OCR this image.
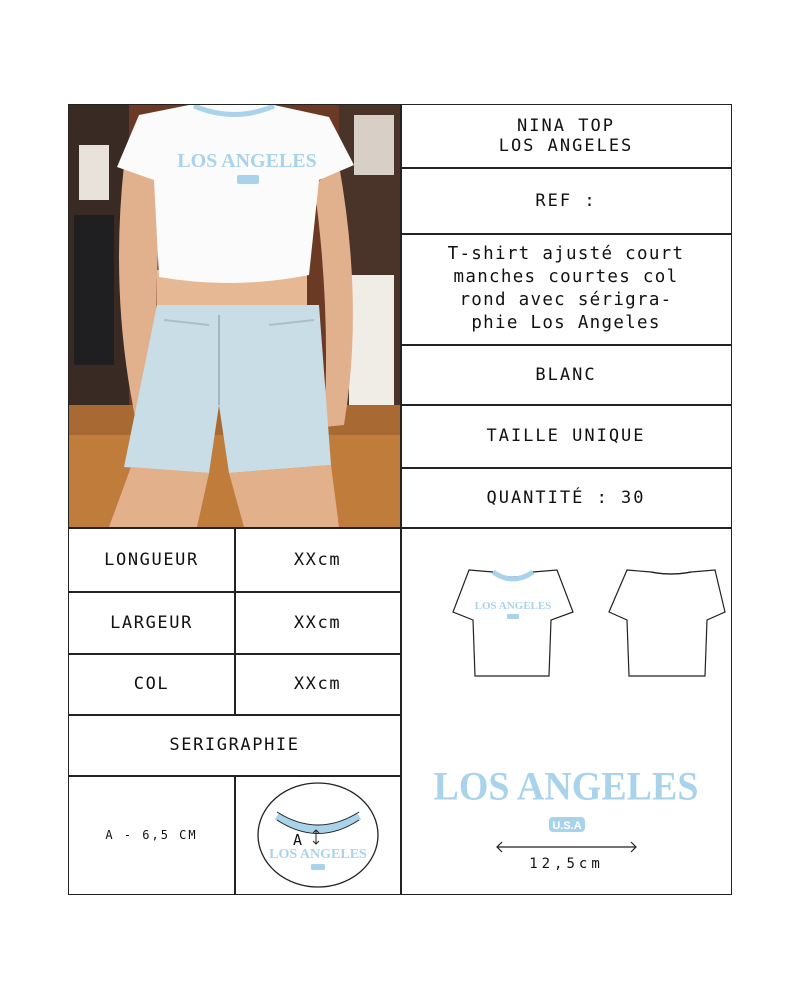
LOS ANGELES
NINA TOP
LOS ANGELES
REF :
T-shirt ajusté court
manches courtes col
rond avec sérigra-
phie Los Angeles
BLANC
TAILLE UNIQUE
QUANTITÉ : 30
LONGUEUR	XXcm
LARGEUR	XXcm
COL	XXcm
SERIGRAPHIE
A - 6,5 CM
LOS ANGELES
A
LOS ANGELES
LOS ANGELES
U.S.A
12,5cm
